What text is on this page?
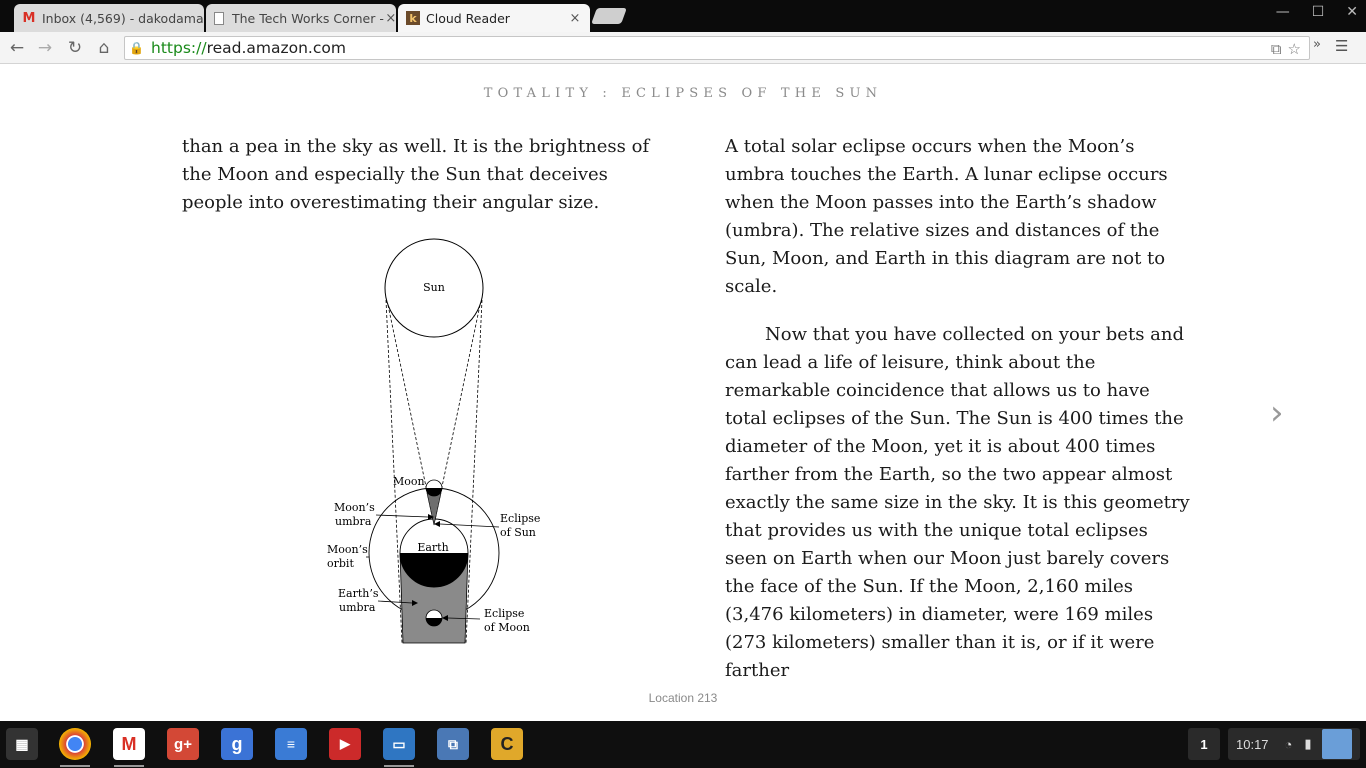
M Inbox (4,569) - dakodama The Tech Works Corner - ×	k Cloud Reader	×	— ☐ ✕
← → ↻ ⌂	🔒 https:// read.amazon.com	⧉ ☆ » ☰
TOTALITY : ECLIPSES OF THE SUN
than a pea in the sky as well. It is the brightness of the Moon and especially the Sun that deceives people into overestimating their angular size.
Sun
Earth
Moon
Moon’s
umbra
Moon’s
orbit
Earth’s
umbra
Eclipse
of Sun
Eclipse
of Moon
A total solar eclipse occurs when the Moon’s umbra touches the Earth. A lunar eclipse occurs when the Moon passes into the Earth’s shadow (umbra). The relative sizes and distances of the Sun, Moon, and Earth in this diagram are not to scale.
Now that you have collected on your bets and can lead a life of leisure, think about the remarkable coincidence that allows us to have total eclipses of the Sun. The Sun is 400 times the diameter of the Moon, yet it is about 400 times farther from the Earth, so the two appear almost exactly the same size in the sky. It is this geometry that provides us with the unique total eclipses seen on Earth when our Moon just barely covers the face of the Sun. If the Moon, 2,160 miles (3,476 kilometers) in diameter, were 169 miles (273 kilometers) smaller than it is, or if it were farther
›
Location 213
▦	M	g+	g	≡	▶	▭	⧉	C	1	10:17 ◔ ▮
